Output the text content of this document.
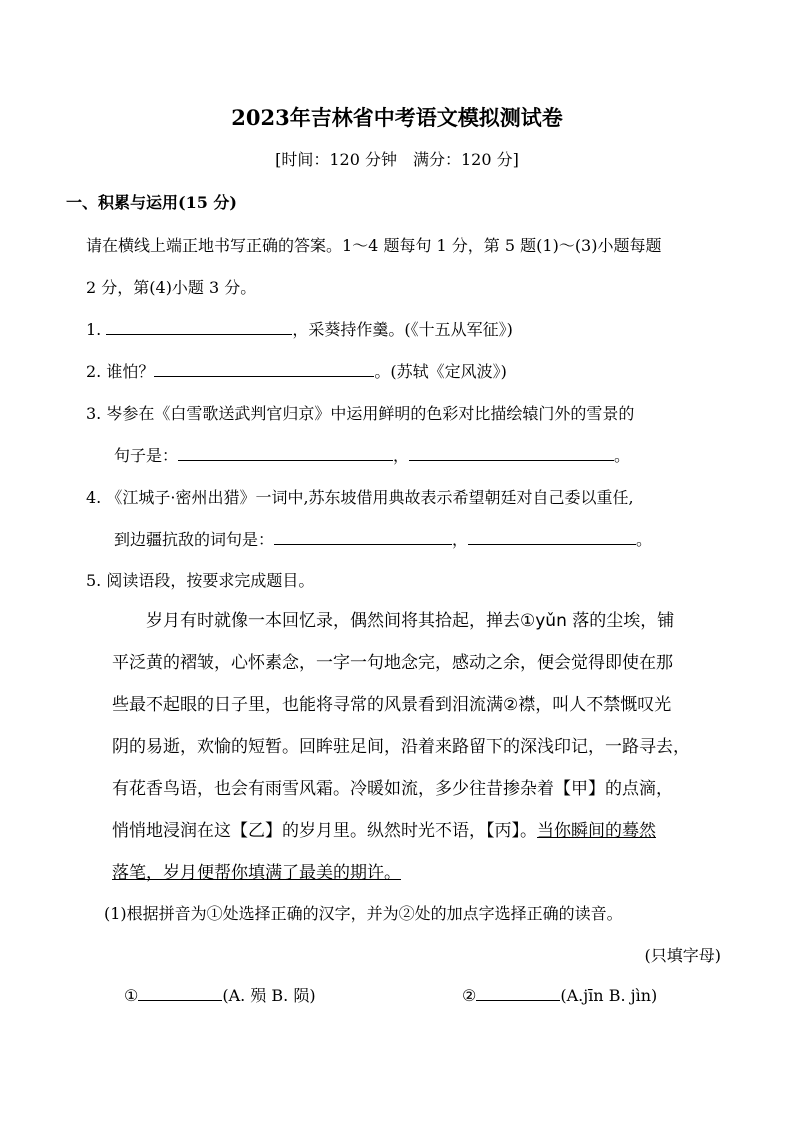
2023年吉林省中考语文模拟测试卷
[时间：120 分钟　满分：120 分]
一、积累与运用(15 分)
请在横线上端正地书写正确的答案。1～4 题每句 1 分，第 5 题(1)～(3)小题每题
2 分，第(4)小题 3 分。
1.	，采葵持作羹。(《十五从军征》)
2. 谁怕？	。(苏轼《定风波》)
3. 岑参在《白雪歌送武判官归京》中运用鲜明的色彩对比描绘辕门外的雪景的
句子是：	，	。
4. 《江城子·密州出猎》一词中,苏东坡借用典故表示希望朝廷对自己委以重任,
到边疆抗敌的词句是：	，	。
5. 阅读语段，按要求完成题目。
岁月有时就像一本回忆录，偶然间将其拾起，掸去①yǔn 落的尘埃，铺
平泛黄的褶皱，心怀素念，一字一句地念完，感动之余，便会觉得即使在那
些最不起眼的日子里，也能将寻常的风景看到泪流满②襟，叫人不禁慨叹光
阴的易逝，欢愉的短暂。回眸驻足间，沿着来路留下的深浅印记，一路寻去，
有花香鸟语，也会有雨雪风霜。冷暖如流，多少往昔掺杂着【甲】的点滴，
悄悄地浸润在这【乙】的岁月里。纵然时光不语，【丙】。当你瞬间的蓦然
落笔，岁月便帮你填满了最美的期许。
(1)根据拼音为①处选择正确的汉字，并为②处的加点字选择正确的读音。
(只填字母)
①	(A. 殒 B. 陨)	②	(A.jīn B. jìn)
